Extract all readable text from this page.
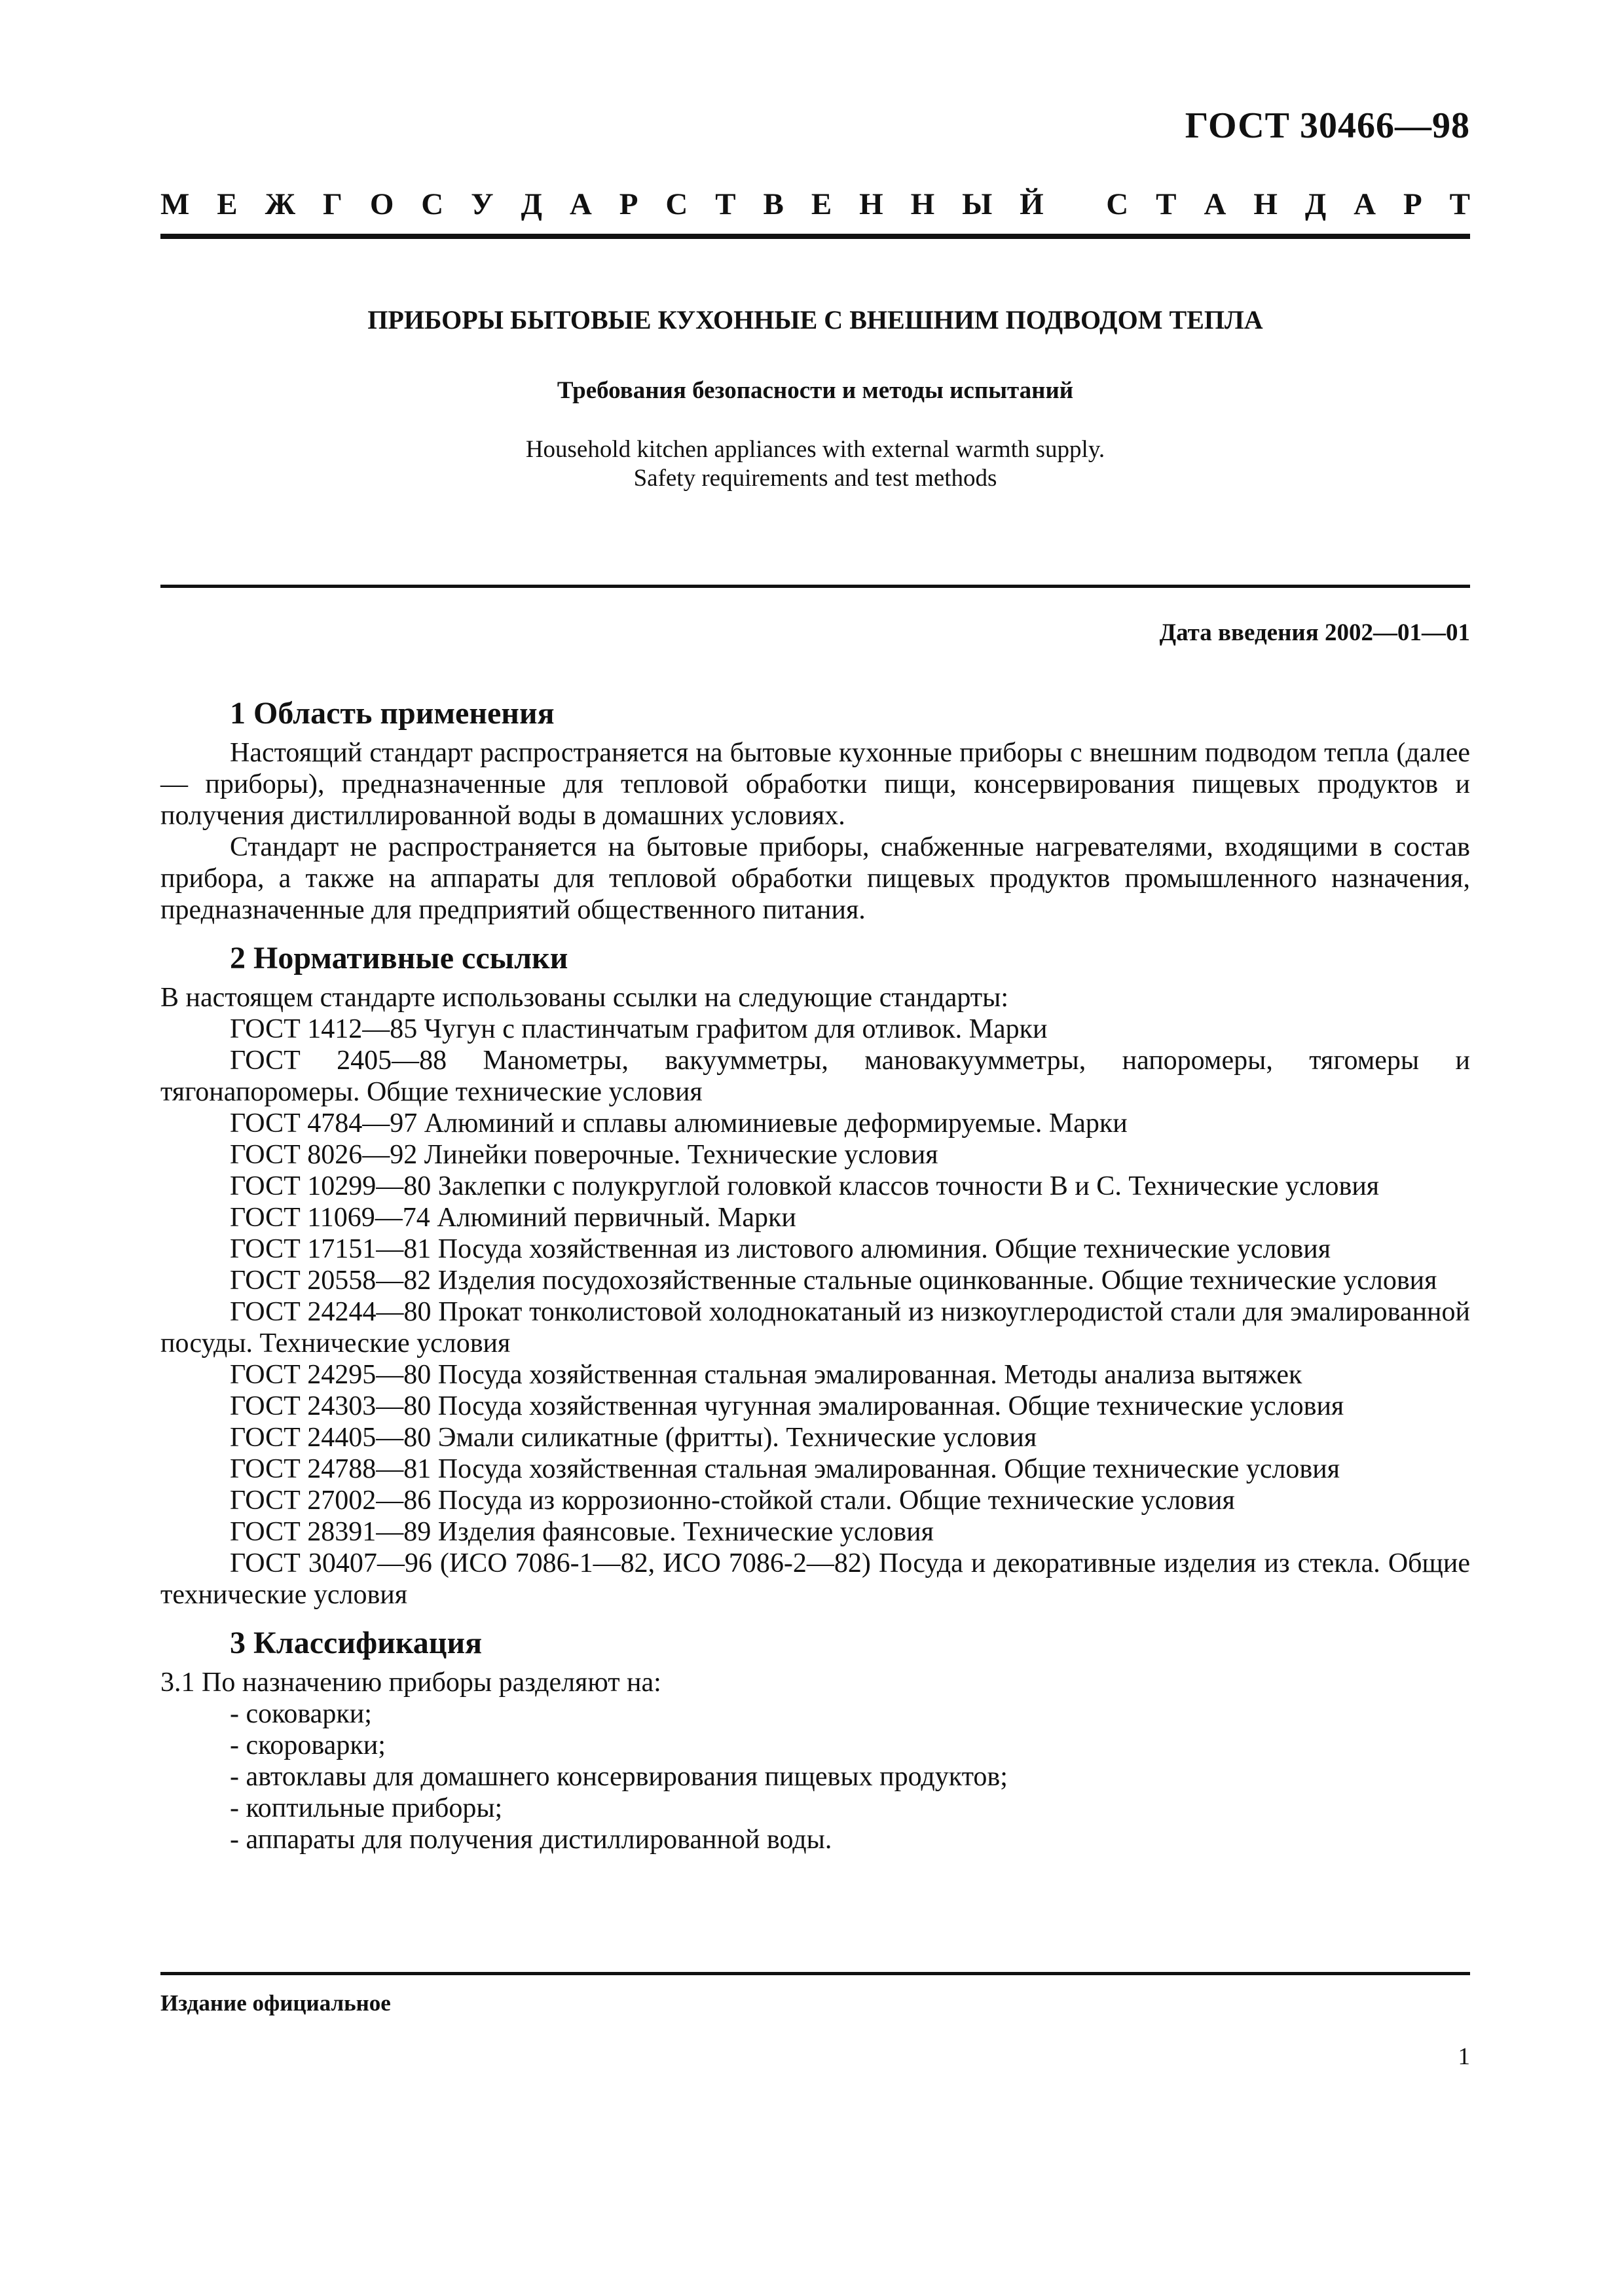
ГОСТ 30466—98
М Е Ж Г О С У Д А Р С Т В Е Н Н Ы Й
С Т А Н Д А Р Т
ПРИБОРЫ БЫТОВЫЕ КУХОННЫЕ С ВНЕШНИМ ПОДВОДОМ ТЕПЛА
Требования безопасности и методы испытаний
Household kitchen appliances with external warmth supply.
Safety requirements and test methods
Дата введения 2002—01—01
1 Область применения

Настоящий стандарт распространяется на бытовые кухонные приборы с внешним подводом тепла (далее — приборы), предназначенные для тепловой обработки пищи, консервирования пищевых продуктов и получения дистиллированной воды в домашних условиях.

Стандарт не распространяется на бытовые приборы, снабженные нагревателями, входящими в состав прибора, а также на аппараты для тепловой обработки пищевых продуктов промышленного назначения, предназначенные для предприятий общественного питания.

2 Нормативные ссылки

В настоящем стандарте использованы ссылки на следующие стандарты:

ГОСТ 1412—85 Чугун с пластинчатым графитом для отливок. Марки

ГОСТ 2405—88 Манометры, вакуумметры, мановакуумметры, напоромеры, тягомеры и тягонапоромеры. Общие технические условия

ГОСТ 4784—97 Алюминий и сплавы алюминиевые деформируемые. Марки

ГОСТ 8026—92 Линейки поверочные. Технические условия

ГОСТ 10299—80 Заклепки с полукруглой головкой классов точности В и С. Технические условия

ГОСТ 11069—74 Алюминий первичный. Марки

ГОСТ 17151—81 Посуда хозяйственная из листового алюминия. Общие технические условия

ГОСТ 20558—82 Изделия посудохозяйственные стальные оцинкованные. Общие технические условия

ГОСТ 24244—80 Прокат тонколистовой холоднокатаный из низкоуглеродистой стали для эмалированной посуды. Технические условия

ГОСТ 24295—80 Посуда хозяйственная стальная эмалированная. Методы анализа вытяжек

ГОСТ 24303—80 Посуда хозяйственная чугунная эмалированная. Общие технические условия

ГОСТ 24405—80 Эмали силикатные (фритты). Технические условия

ГОСТ 24788—81 Посуда хозяйственная стальная эмалированная. Общие технические условия

ГОСТ 27002—86 Посуда из коррозионно-стойкой стали. Общие технические условия

ГОСТ 28391—89 Изделия фаянсовые. Технические условия

ГОСТ 30407—96 (ИСО 7086-1—82, ИСО 7086-2—82) Посуда и декоративные изделия из стекла. Общие технические условия

3 Классификация

3.1 По назначению приборы разделяют на:

- соковарки;
- скороварки;
- автоклавы для домашнего консервирования пищевых продуктов;
- коптильные приборы;
- аппараты для получения дистиллированной воды.
Издание официальное
1
